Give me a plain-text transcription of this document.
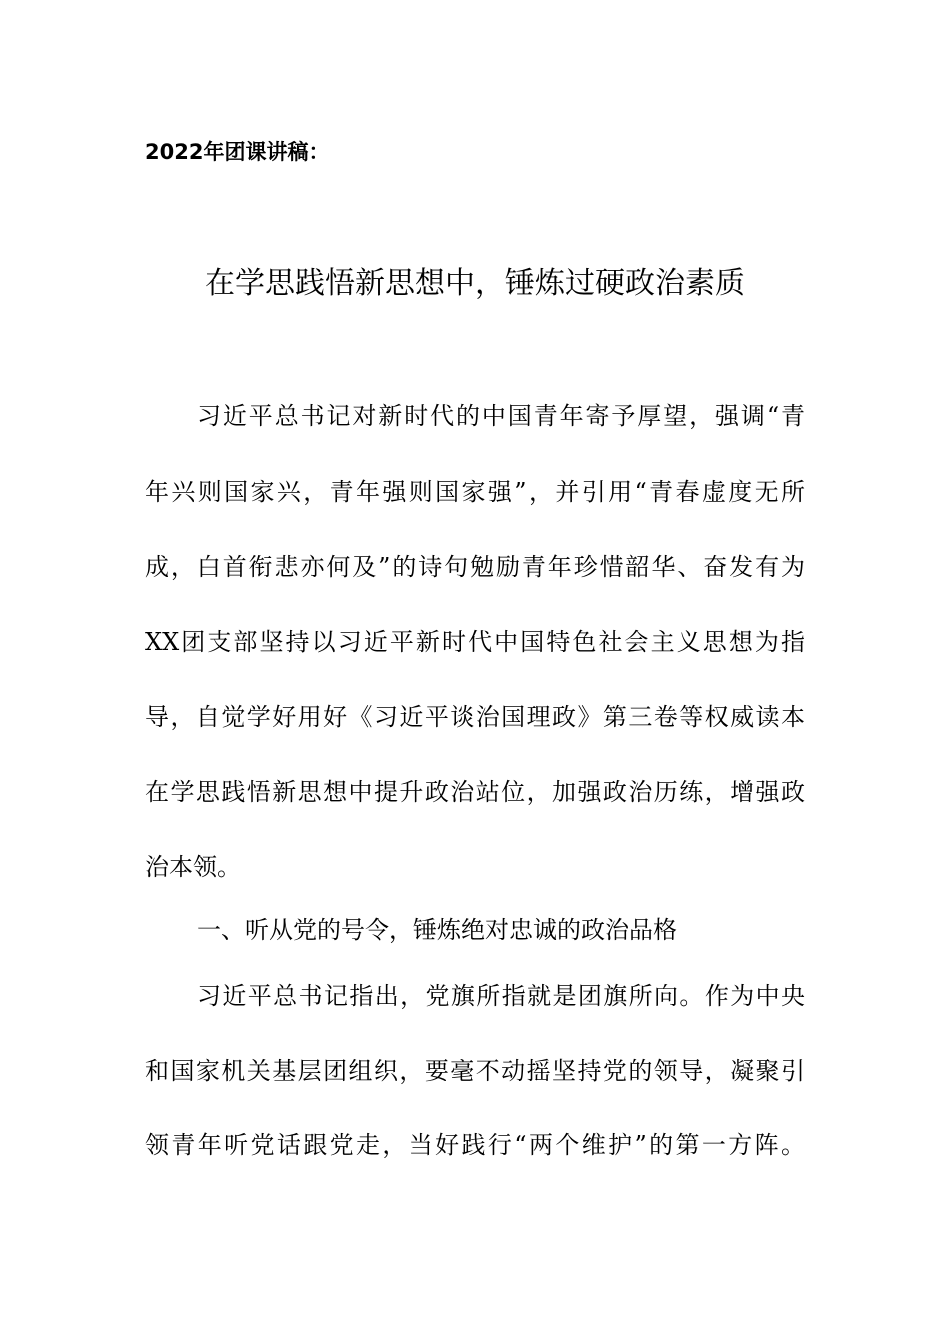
2022年团课讲稿：
在学思践悟新思想中，锤炼过硬政治素质
习近平总书记对新时代的中国青年寄予厚望，强调“青
年兴则国家兴，青年强则国家强”，并引用“青春虚度无所
成，白首衔悲亦何及”的诗句勉励青年珍惜韶华、奋发有为
XX团支部坚持以习近平新时代中国特色社会主义思想为指
导，自觉学好用好《习近平谈治国理政》第三卷等权威读本
在学思践悟新思想中提升政治站位，加强政治历练，增强政
治本领。
一、听从党的号令，锤炼绝对忠诚的政治品格
习近平总书记指出，党旗所指就是团旗所向。作为中央
和国家机关基层团组织，要毫不动摇坚持党的领导，凝聚引
领青年听党话跟党走，当好践行“两个维护”的第一方阵。
